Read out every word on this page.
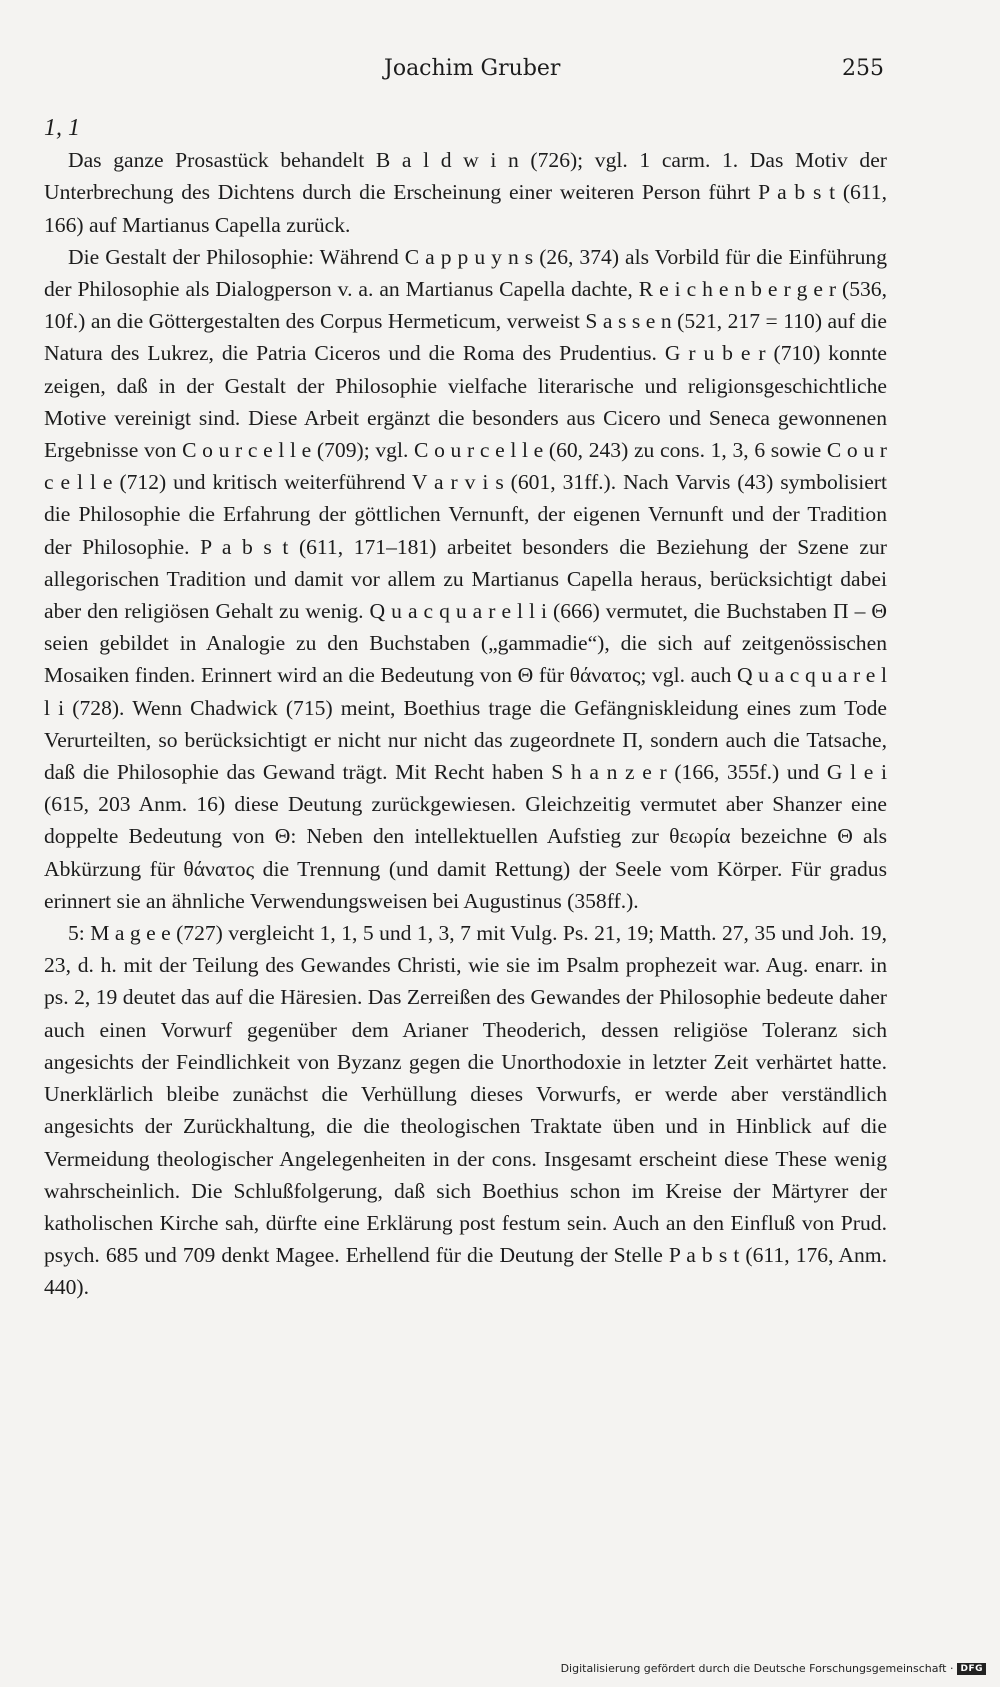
Joachim Gruber	255

1, 1

Das ganze Prosastück behandelt B a l d w i n (726); vgl. 1 carm. 1. Das Motiv der Unterbrechung des Dichtens durch die Erscheinung einer weiteren Person führt P a b s t (611, 166) auf Martianus Capella zurück.

Die Gestalt der Philosophie: Während C a p p u y n s (26, 374) als Vorbild für die Einführung der Philosophie als Dialogperson v. a. an Martianus Capella dachte, R e i c h e n b e r g e r (536, 10f.) an die Göttergestalten des Corpus Hermeticum, verweist S a s s e n (521, 217 = 110) auf die Natura des Lukrez, die Patria Ciceros und die Roma des Prudentius. G r u b e r (710) konnte zeigen, daß in der Gestalt der Philosophie vielfache literarische und religionsgeschichtliche Motive vereinigt sind. Diese Arbeit ergänzt die besonders aus Cicero und Seneca gewonnenen Ergebnisse von C o u r c e l l e (709); vgl. C o u r c e l l e (60, 243) zu cons. 1, 3, 6 sowie C o u r c e l l e (712) und kritisch weiterführend V a r v i s (601, 31ff.). Nach Varvis (43) symbolisiert die Philosophie die Erfahrung der göttlichen Vernunft, der eigenen Vernunft und der Tradition der Philosophie. P a b s t (611, 171–181) arbeitet besonders die Beziehung der Szene zur allegorischen Tradition und damit vor allem zu Martianus Capella heraus, berücksichtigt dabei aber den religiösen Gehalt zu wenig. Q u a c q u a r e l l i (666) vermutet, die Buchstaben Π – Θ seien gebildet in Analogie zu den Buchstaben („gammadie“), die sich auf zeitgenössischen Mosaiken finden. Erinnert wird an die Bedeutung von Θ für θάνατος; vgl. auch Q u a c q u a r e l l i (728). Wenn Chadwick (715) meint, Boethius trage die Gefängniskleidung eines zum Tode Verurteilten, so berücksichtigt er nicht nur nicht das zugeordnete Π, sondern auch die Tatsache, daß die Philosophie das Gewand trägt. Mit Recht haben S h a n z e r (166, 355f.) und G l e i (615, 203 Anm. 16) diese Deutung zurückgewiesen. Gleichzeitig vermutet aber Shanzer eine doppelte Bedeutung von Θ: Neben den intellektuellen Aufstieg zur θεωρία bezeichne Θ als Abkürzung für θάνατος die Trennung (und damit Rettung) der Seele vom Körper. Für gradus erinnert sie an ähnliche Verwendungsweisen bei Augustinus (358ff.).

5: M a g e e (727) vergleicht 1, 1, 5 und 1, 3, 7 mit Vulg. Ps. 21, 19; Matth. 27, 35 und Joh. 19, 23, d. h. mit der Teilung des Gewandes Christi, wie sie im Psalm prophezeit war. Aug. enarr. in ps. 2, 19 deutet das auf die Häresien. Das Zerreißen des Gewandes der Philosophie bedeute daher auch einen Vorwurf gegenüber dem Arianer Theoderich, dessen religiöse Toleranz sich angesichts der Feindlichkeit von Byzanz gegen die Unorthodoxie in letzter Zeit verhärtet hatte. Unerklärlich bleibe zunächst die Verhüllung dieses Vorwurfs, er werde aber verständlich angesichts der Zurückhaltung, die die theologischen Traktate üben und in Hinblick auf die Vermeidung theologischer Angelegenheiten in der cons. Insgesamt erscheint diese These wenig wahrscheinlich. Die Schlußfolgerung, daß sich Boethius schon im Kreise der Märtyrer der katholischen Kirche sah, dürfte eine Erklärung post festum sein. Auch an den Einfluß von Prud. psych. 685 und 709 denkt Magee. Erhellend für die Deutung der Stelle P a b s t (611, 176, Anm. 440).

Digitalisierung gefördert durch die Deutsche Forschungsgemeinschaft · DFG
